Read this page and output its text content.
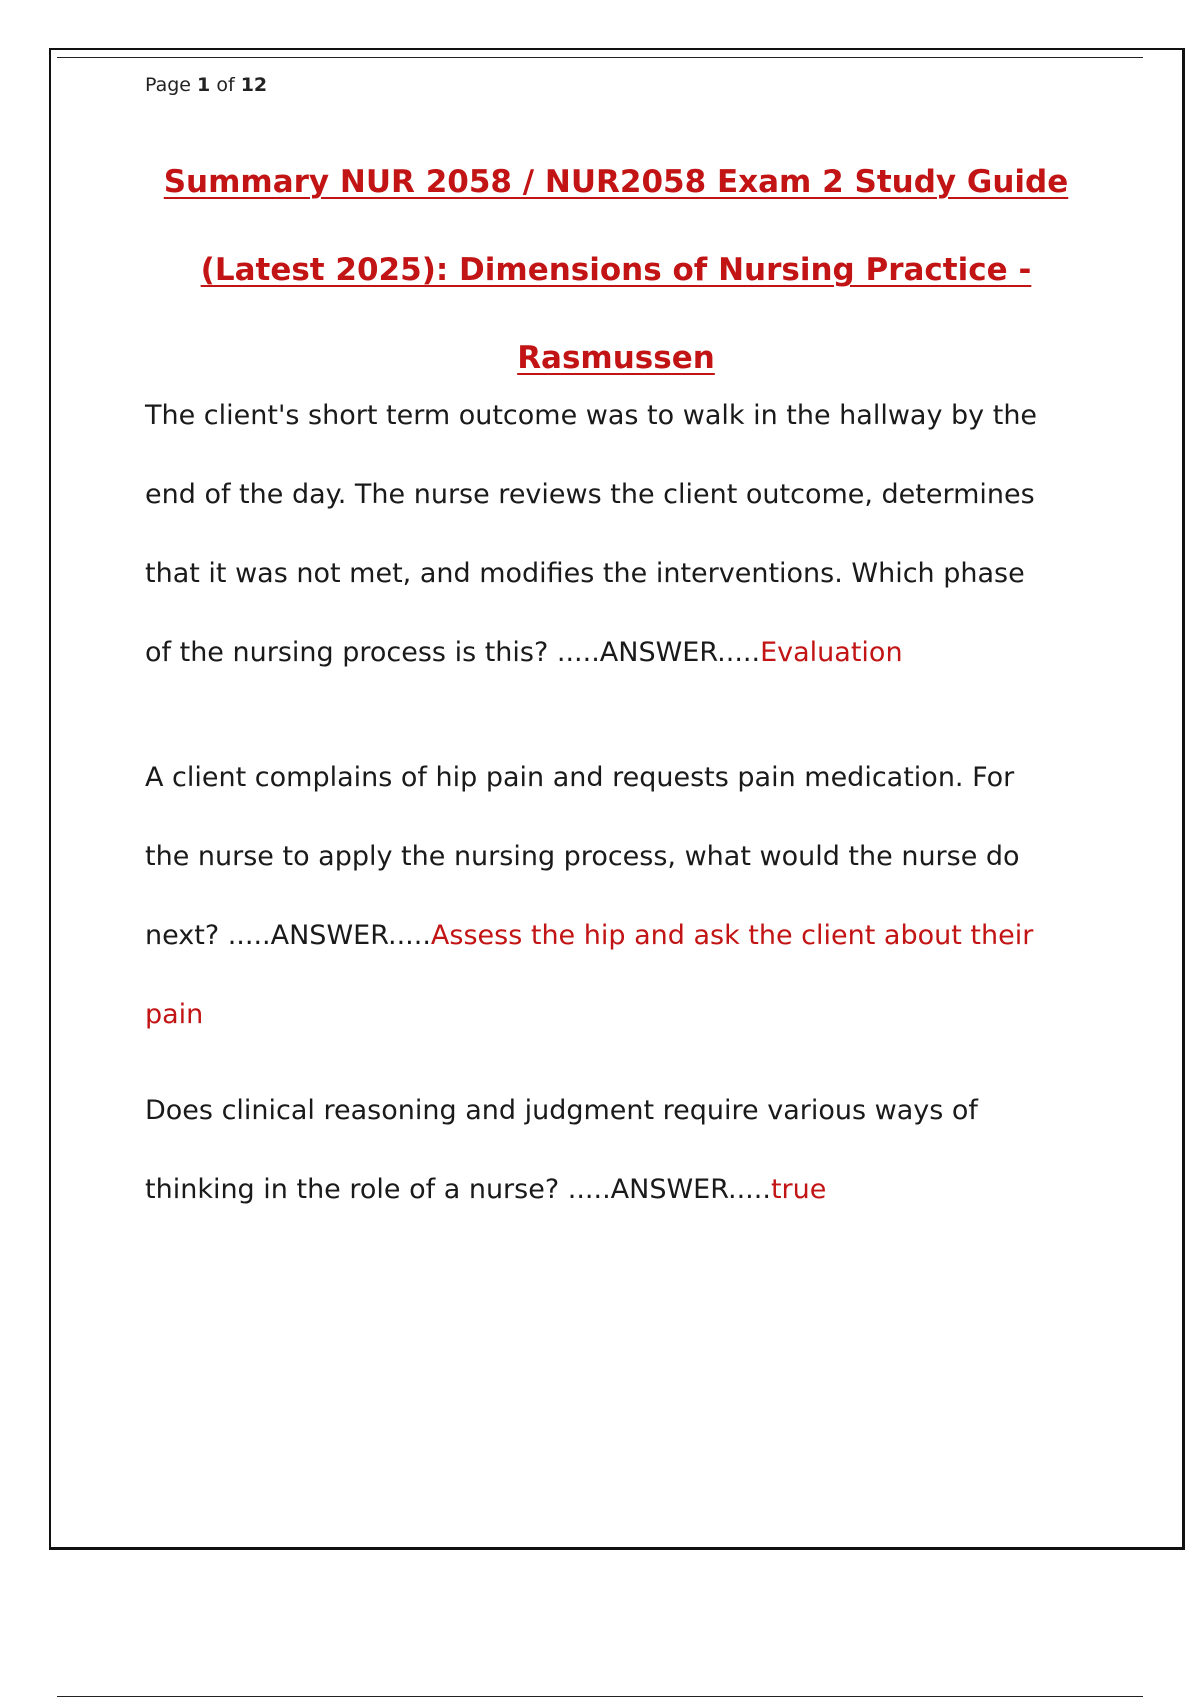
Page 1 of 12
Summary NUR 2058 / NUR2058 Exam 2 Study Guide
(Latest 2025): Dimensions of Nursing Practice -
Rasmussen

The client's short term outcome was to walk in the hallway by the
end of the day. The nurse reviews the client outcome, determines
that it was not met, and modifies the interventions. Which phase
of the nursing process is this? .....ANSWER.....Evaluation

A client complains of hip pain and requests pain medication. For
the nurse to apply the nursing process, what would the nurse do
next? .....ANSWER.....Assess the hip and ask the client about their
pain

Does clinical reasoning and judgment require various ways of
thinking in the role of a nurse? .....ANSWER.....true
